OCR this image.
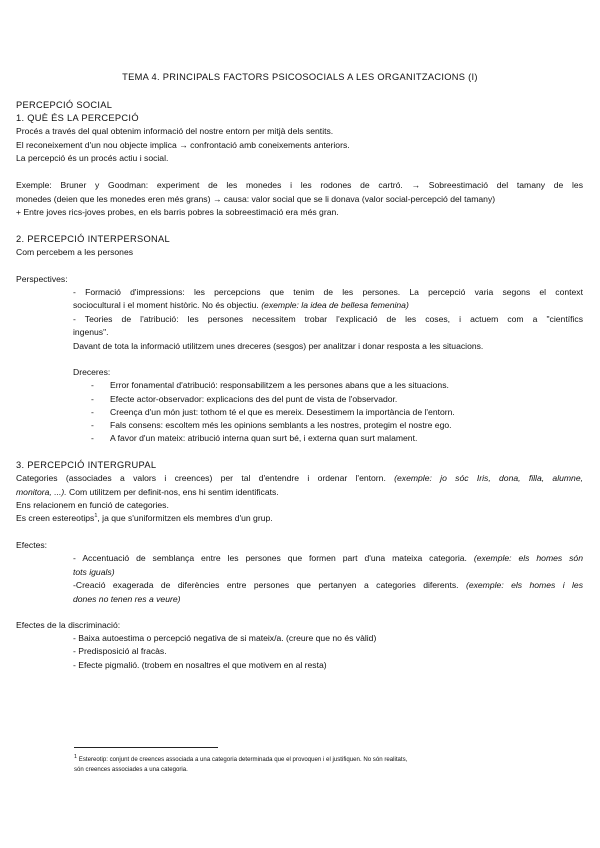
TEMA 4. PRINCIPALS FACTORS PSICOSOCIALS A LES ORGANITZACIONS (I)
PERCEPCIÓ SOCIAL
1. QUÈ ÉS LA PERCEPCIÓ
Procés a través del qual obtenim informació del nostre entorn per mitjà dels sentits.
El reconeixement d'un nou objecte implica → confrontació amb coneixements anteriors.
La percepció és un procés actiu i social.
Exemple: Bruner y Goodman: experiment de les monedes i les rodones de cartró. → Sobreestimació del tamany de les
monedes (deien que les monedes eren més grans) → causa: valor social que se li donava (valor social-percepció del tamany)
+ Entre joves rics-joves probes, en els barris pobres la sobreestimació era més gran.
2. PERCEPCIÓ INTERPERSONAL
Com percebem a les persones
Perspectives:
- Formació d'impressions: les percepcions que tenim de les persones. La percepció varia segons el context
sociocultural i el moment històric. No és objectiu. (exemple: la idea de bellesa femenina)
- Teories de l'atribució: les persones necessitem trobar l'explicació de les coses, i actuem com a "científics
ingenus".
Davant de tota la informació utilitzem unes dreceres (sesgos) per analitzar i donar resposta a les situacions.
Dreceres:
- Error fonamental d'atribució: responsabilitzem a les persones abans que a les situacions.
- Efecte actor-observador: explicacions des del punt de vista de l'observador.
- Creença d'un món just: tothom té el que es mereix. Desestimem la importància de l'entorn.
- Fals consens: escoltem més les opinions semblants a les nostres, protegim el nostre ego.
- A favor d'un mateix: atribució interna quan surt bé, i externa quan surt malament.
3. PERCEPCIÓ INTERGRUPAL
Categories (associades a valors i creences) per tal d'entendre i ordenar l'entorn. (exemple: jo sóc Iris, dona, filla, alumne,
monitora, ...). Com utilitzem per definit-nos, ens hi sentim identificats.
Ens relacionem en funció de categories.
Es creen estereotips$^1$, ja que s'uniformitzen els membres d'un grup.
Efectes:
- Accentuació de semblança entre les persones que formen part d'una mateixa categoria. (exemple: els homes són
tots iguals)
-Creació exagerada de diferències entre persones que pertanyen a categories diferents. (exemple: els homes i les
dones no tenen res a veure)
Efectes de la discriminació:
- Baixa autoestima o percepció negativa de si mateix/a. (creure que no és vàlid)
- Predisposició al fracàs.
- Efecte pigmalió. (trobem en nosaltres el que motivem en al resta)
$^1$ Estereotip: conjunt de creences associada a una categoria determinada que el provoquen i el justifiquen. No són realitats,
són creences associades a una categoria.
